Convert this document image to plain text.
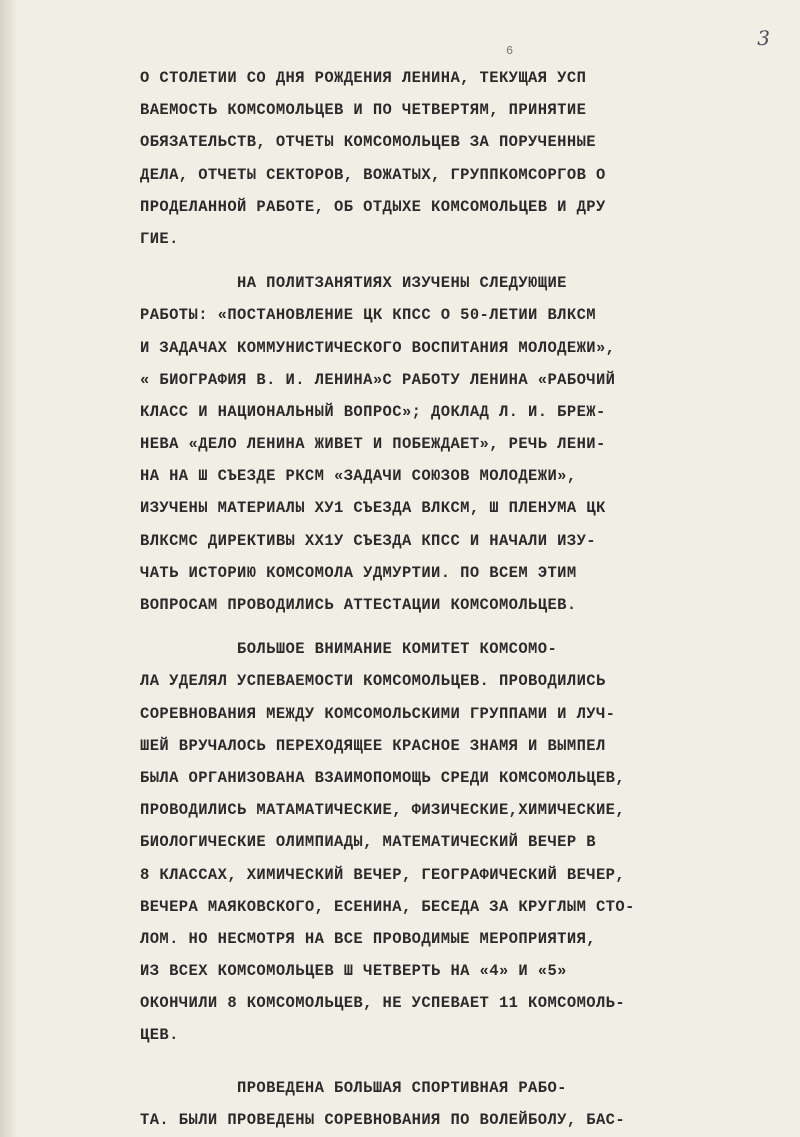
3
6
О СТОЛЕТИИ СО ДНЯ РОЖДЕНИЯ ЛЕНИНА, ТЕКУЩАЯ УСП
ВАЕМОСТЬ КОМСОМОЛЬЦЕВ И ПО ЧЕТВЕРТЯМ, ПРИНЯТИЕ
ОБЯЗАТЕЛЬСТВ, ОТЧЕТЫ КОМСОМОЛЬЦЕВ ЗА ПОРУЧЕННЫЕ
ДЕЛА, ОТЧЕТЫ СЕКТОРОВ, ВОЖАТЫХ, ГРУППКОМСОРГОВ О
ПРОДЕЛАННОЙ РАБОТЕ, ОБ ОТДЫХЕ КОМСОМОЛЬЦЕВ И ДРУ
ГИЕ.
НА ПОЛИТЗАНЯТИЯХ ИЗУЧЕНЫ СЛЕДУЮЩИЕ
РАБОТЫ: «ПОСТАНОВЛЕНИЕ ЦК КПСС О 50-ЛЕТИИ ВЛКСМ
И ЗАДАЧАХ КОММУНИСТИЧЕСКОГО ВОСПИТАНИЯ МОЛОДЕЖИ»,
« БИОГРАФИЯ В. И. ЛЕНИНА»С РАБОТУ ЛЕНИНА «РАБОЧИЙ
КЛАСС И НАЦИОНАЛЬНЫЙ ВОПРОС»; ДОКЛАД Л. И. БРЕЖ-
НЕВА «ДЕЛО ЛЕНИНА ЖИВЕТ И ПОБЕЖДАЕТ», РЕЧЬ ЛЕНИ-
НА НА Ш СЪЕЗДЕ РКСМ «ЗАДАЧИ СОЮЗОВ МОЛОДЕЖИ»,
ИЗУЧЕНЫ МАТЕРИАЛЫ ХУ1 СЪЕЗДА ВЛКСМ, Ш ПЛЕНУМА ЦК
ВЛКСМС ДИРЕКТИВЫ ХХ1У СЪЕЗДА КПСС И НАЧАЛИ ИЗУ-
ЧАТЬ ИСТОРИЮ КОМСОМОЛА УДМУРТИИ. ПО ВСЕМ ЭТИМ
ВОПРОСАМ ПРОВОДИЛИСЬ АТТЕСТАЦИИ КОМСОМОЛЬЦЕВ.
БОЛЬШОЕ ВНИМАНИЕ КОМИТЕТ КОМСОМО-
ЛА УДЕЛЯЛ УСПЕВАЕМОСТИ КОМСОМОЛЬЦЕВ. ПРОВОДИЛИСЬ
СОРЕВНОВАНИЯ МЕЖДУ КОМСОМОЛЬСКИМИ ГРУППАМИ И ЛУЧ-
ШЕЙ ВРУЧАЛОСЬ ПЕРЕХОДЯЩЕЕ КРАСНОЕ ЗНАМЯ И ВЫМПЕЛ
БЫЛА ОРГАНИЗОВАНА ВЗАИМОПОМОЩЬ СРЕДИ КОМСОМОЛЬЦЕВ,
ПРОВОДИЛИСЬ МАТАМАТИЧЕСКИЕ, ФИЗИЧЕСКИЕ,ХИМИЧЕСКИЕ,
БИОЛОГИЧЕСКИЕ ОЛИМПИАДЫ, МАТЕМАТИЧЕСКИЙ ВЕЧЕР В
8 КЛАССАХ, ХИМИЧЕСКИЙ ВЕЧЕР, ГЕОГРАФИЧЕСКИЙ ВЕЧЕР,
ВЕЧЕРА МАЯКОВСКОГО, ЕСЕНИНА, БЕСЕДА ЗА КРУГЛЫМ СТО-
ЛОМ. НО НЕСМОТРЯ НА ВСЕ ПРОВОДИМЫЕ МЕРОПРИЯТИЯ,
ИЗ ВСЕХ КОМСОМОЛЬЦЕВ Ш ЧЕТВЕРТЬ НА «4» И «5»
ОКОНЧИЛИ 8 КОМСОМОЛЬЦЕВ, НЕ УСПЕВАЕТ 11 КОМСОМОЛЬ-
ЦЕВ.
ПРОВЕДЕНА БОЛЬШАЯ СПОРТИВНАЯ РАБО-
ТА. БЫЛИ ПРОВЕДЕНЫ СОРЕВНОВАНИЯ ПО ВОЛЕЙБОЛУ, БАС-
